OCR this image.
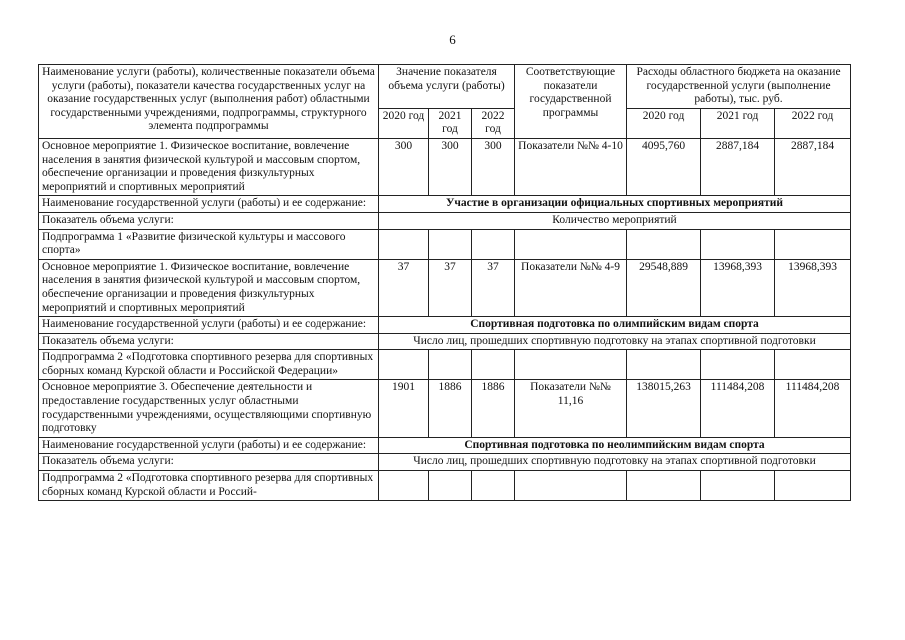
6
Наименование услуги (работы), количественные показатели объема услуги (работы), показатели качества государственных услуг на оказание государственных услуг (выполнения работ) областными государственными учреждениями, подпрограммы, структурного элемента подпрограммы	Значение показателя объема услуги (работы)			Соответствующие показатели государственной программы	Расходы областного бюджета на оказание государственной услуги (выполнение работы), тыс. руб.		
	2020 год	2021 год	2022 год		2020 год	2021 год	2022 год
Основное мероприятие 1. Физическое воспитание, вовлечение населения в занятия физической культурой и массовым спортом, обеспечение организации и проведения физкультурных мероприятий и спортивных мероприятий	300	300	300	Показатели №№ 4-10	4095,760	2887,184	2887,184
Наименование государственной услуги (работы) и ее содержание:	Участие в организации официальных спортивных мероприятий						
Показатель объема услуги:	Количество мероприятий						
Подпрограмма 1 «Развитие физической культуры и массового спорта»							
Основное мероприятие 1. Физическое воспитание, вовлечение населения в занятия физической культурой и массовым спортом, обеспечение организации и проведения физкультурных мероприятий и спортивных мероприятий	37	37	37	Показатели №№ 4-9	29548,889	13968,393	13968,393
Наименование государственной услуги (работы) и ее содержание:	Спортивная подготовка по олимпийским видам спорта						
Показатель объема услуги:	Число лиц, прошедших спортивную подготовку на этапах спортивной подготовки						
Подпрограмма 2 «Подготовка спортивного резерва для спортивных сборных команд Курской области и Российской Федерации»							
Основное мероприятие 3. Обеспечение деятельности и предоставление государственных услуг областными государственными учреждениями, осуществляющими спортивную подготовку	1901	1886	1886	Показатели №№ 11,16	138015,263	111484,208	111484,208
Наименование государственной услуги (работы) и ее содержание:	Спортивная подготовка по неолимпийским видам спорта						
Показатель объема услуги:	Число лиц, прошедших спортивную подготовку на этапах спортивной подготовки						
Подпрограмма 2 «Подготовка спортивного резерва для спортивных сборных команд Курской области и Россий-							
